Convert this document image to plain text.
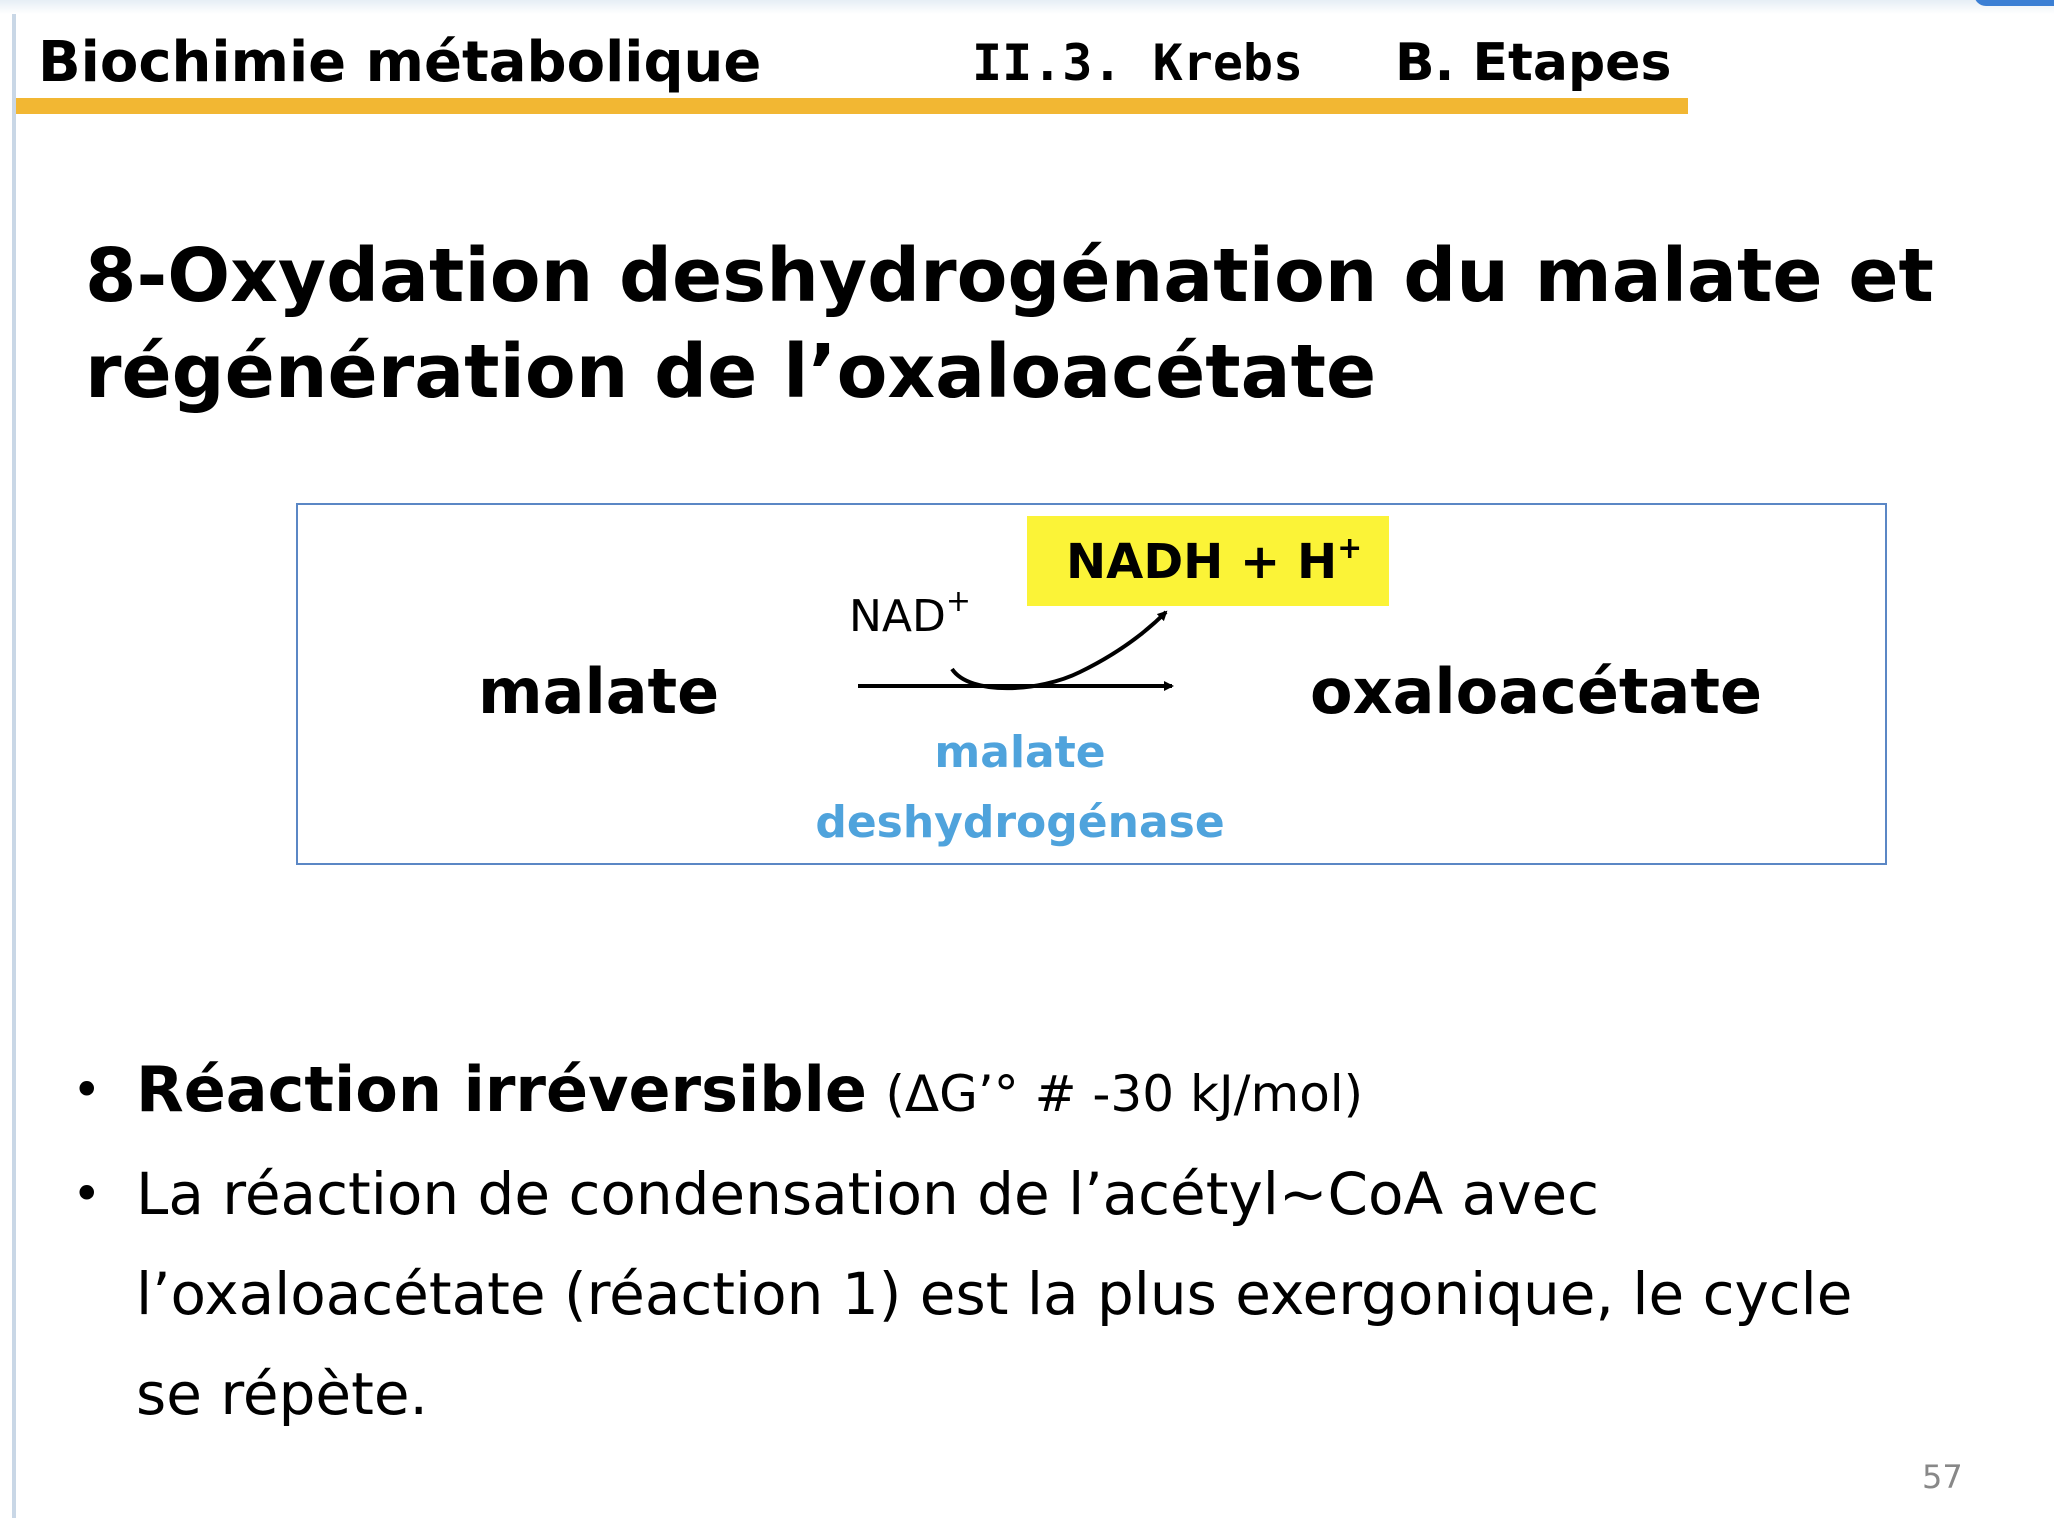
Biochimie métabolique	II.3. Krebs B. Etapes
8-Oxydation deshydrogénation du malate et
régénération de l’oxaloacétate
malate	oxaloacétate
NAD+
NADH + H+
malate
deshydrogénase
• Réaction irréversible (ΔG’° # -30 kJ/mol)
• La réaction de condensation de l’acétyl~CoA avec
l’oxaloacétate (réaction 1) est la plus exergonique, le cycle
se répète.
57
